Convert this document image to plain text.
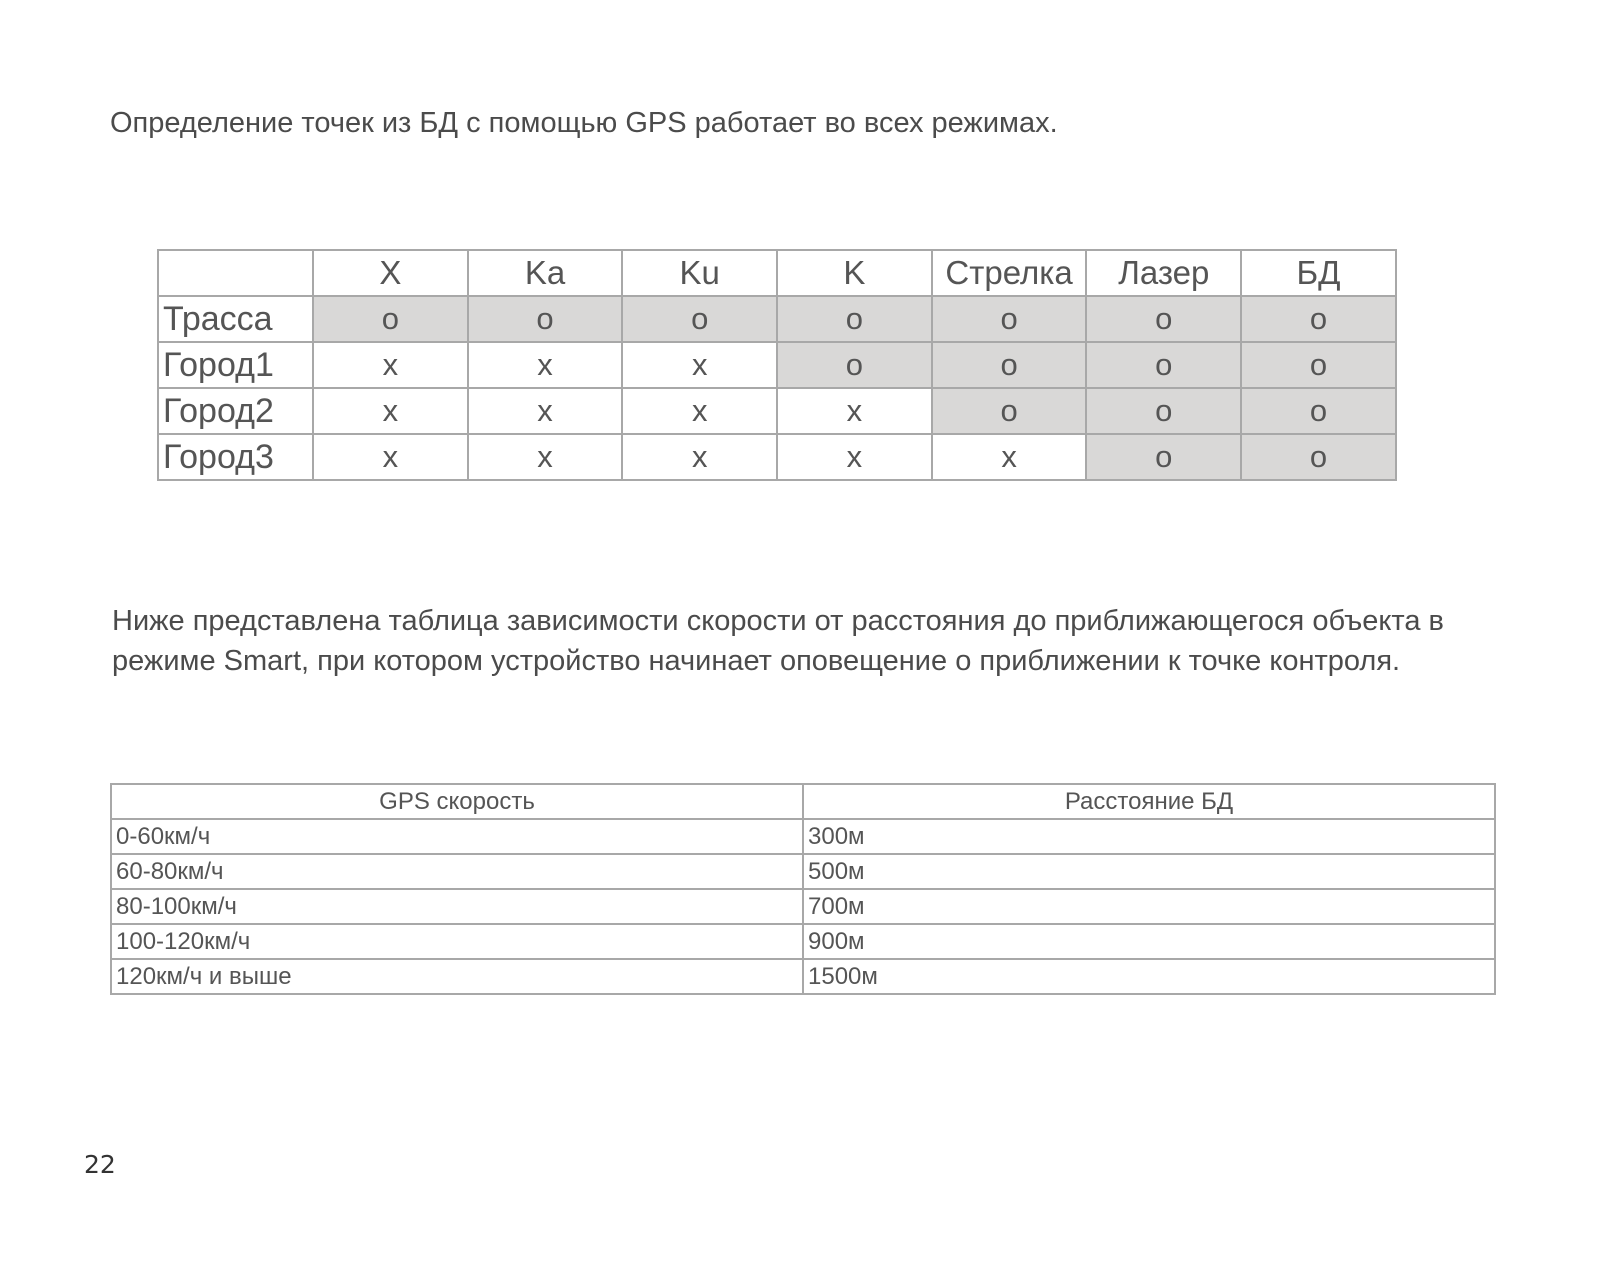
Определение точек из БД с помощью GPS работает во всех режимах.

	X	Ka	Ku	K	Стрелка	Лазер	БД
Трасса	o	o	o	o	o	o	o
Город1	x	x	x	o	o	o	o
Город2	x	x	x	x	o	o	o
Город3	x	x	x	x	x	o	o

Ниже представлена таблица зависимости скорости от расстояния до приближающегося объекта в режиме Smart, при котором устройство начинает оповещение о приближении к точке контроля.

GPS скорость	Расстояние БД
0-60км/ч	300м
60-80км/ч	500м
80-100км/ч	700м
100-120км/ч	900м
120км/ч и выше	1500м
22
